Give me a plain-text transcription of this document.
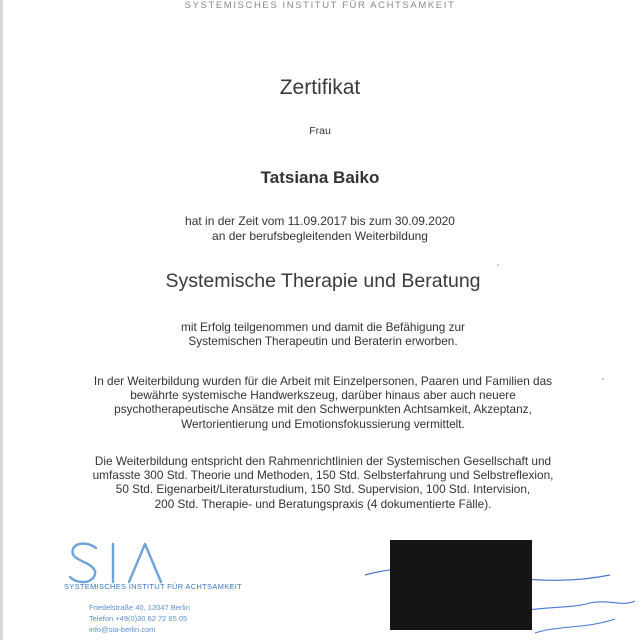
SYSTEMISCHES INSTITUT FÜR ACHTSAMKEIT
Zertifikat
Frau
Tatsiana Baiko
hat in der Zeit vom 11.09.2017 bis zum 30.09.2020
an der berufsbegleitenden Weiterbildung
Systemische Therapie und Beratung

mit Erfolg teilgenommen und damit die Befähigung zur

Systemischen Therapeutin und Beraterin erworben.

In der Weiterbildung wurden für die Arbeit mit Einzelpersonen, Paaren und Familien das

bewährte systemische Handwerkszeug, darüber hinaus aber auch neuere

psychotherapeutische Ansätze mit den Schwerpunkten Achtsamkeit, Akzeptanz,

Wertorientierung und Emotionsfokussierung vermittelt.

Die Weiterbildung entspricht den Rahmenrichtlinien der Systemischen Gesellschaft und

umfasste 300 Std. Theorie und Methoden, 150 Std. Selbsterfahrung und Selbstreflexion,

50 Std. Eigenarbeit/Literaturstudium, 150 Std. Supervision, 100 Std. Intervision,

200 Std. Therapie- und Beratungspraxis (4 dokumentierte Fälle).

SYSTEMISCHES INSTITUT FÜR ACHTSAMKEIT
Friedelstraße 40, 12047 Berlin
Telefon +49(0)30 62 72 65 05
info@sia-berlin.com
